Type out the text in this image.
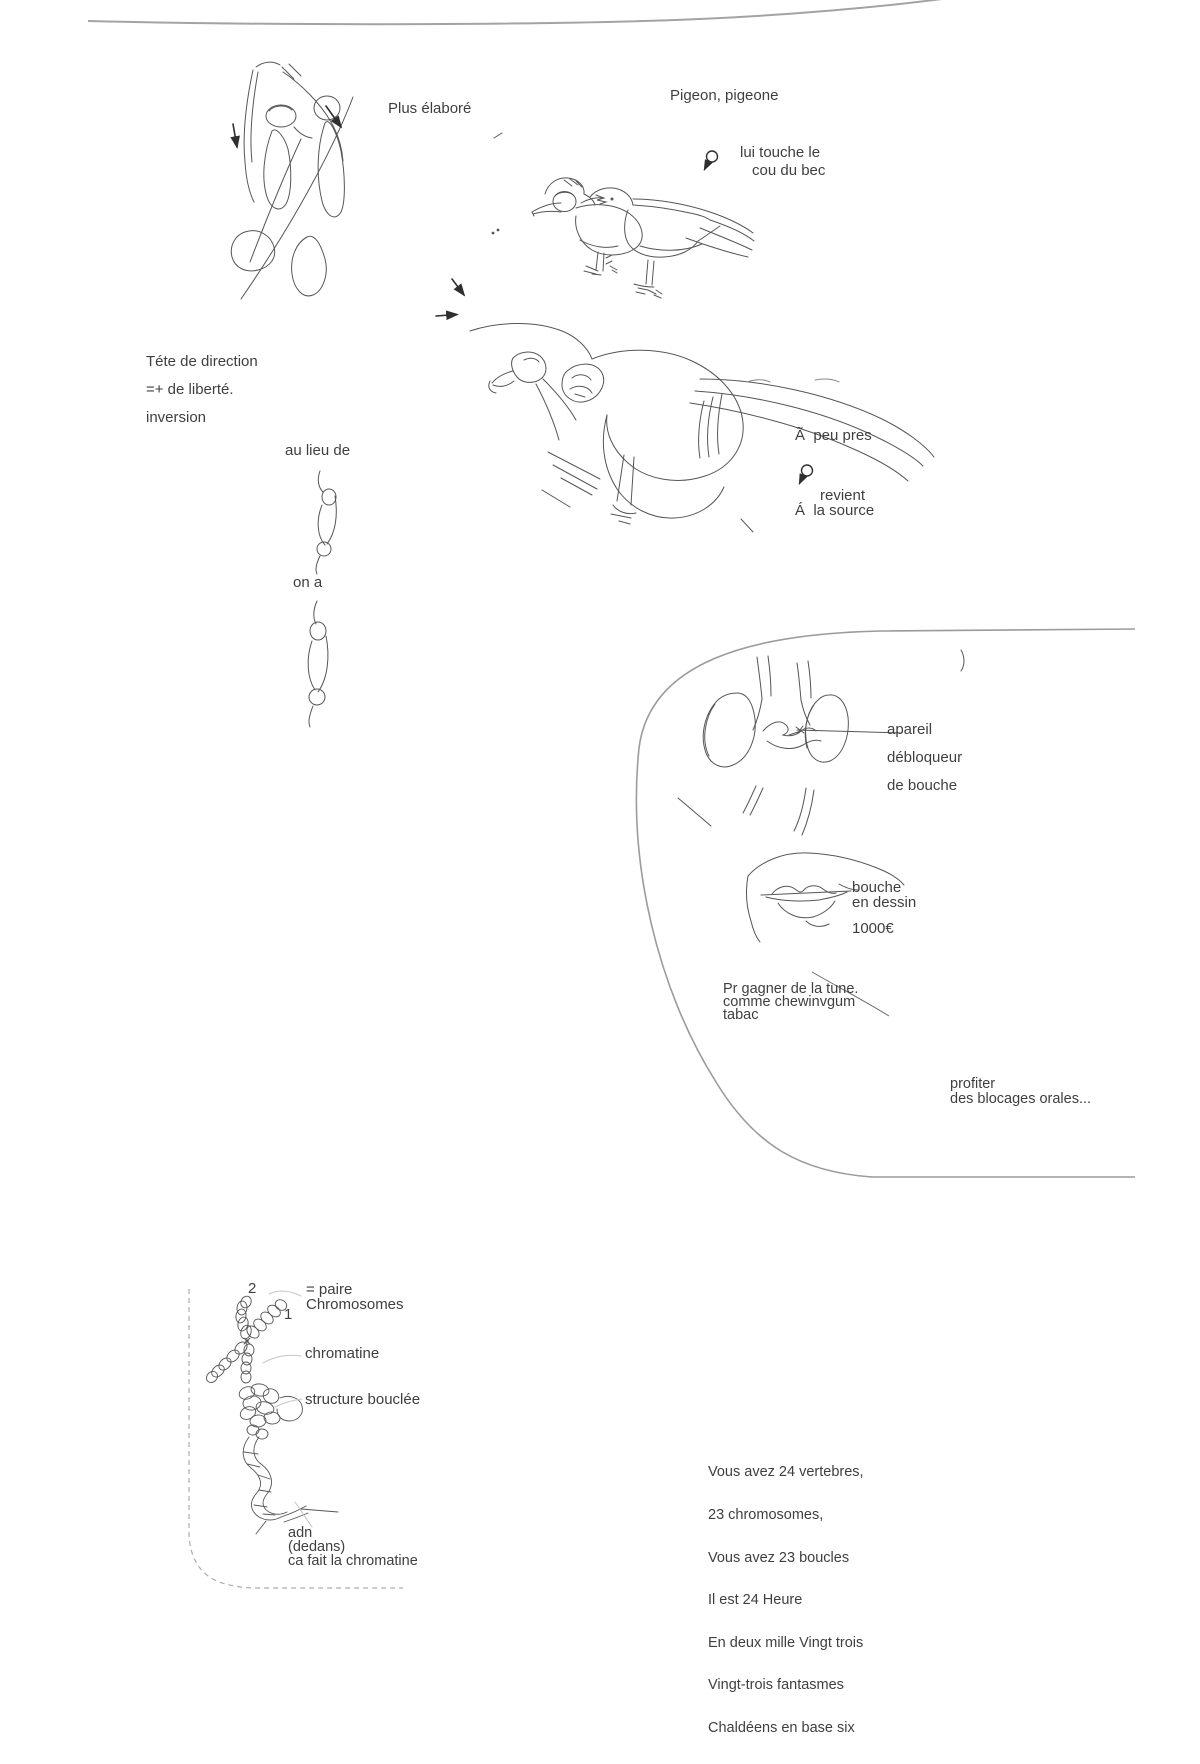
Plus élaboré
Pigeon, pigeone
lui touche le
cou du bec
Téte de direction
=+ de liberté.
inversion
au lieu de
on a
Ã  peu pres
revient
Á  la source
apareil
débloqueur
de bouche
bouche
en dessin
1000€
Pr gagner de la tune.
comme chewinvgum
tabac
profiter
des blocages orales...
2
1
= paire
Chromosomes
chromatine
structure bouclée
adn
(dedans)
ca fait la chromatine

Vous avez 24 vertebres,

23 chromosomes,

Vous avez 23 boucles

Il est 24 Heure

En deux mille Vingt trois

Vingt-trois fantasmes

Chaldéens en base six
